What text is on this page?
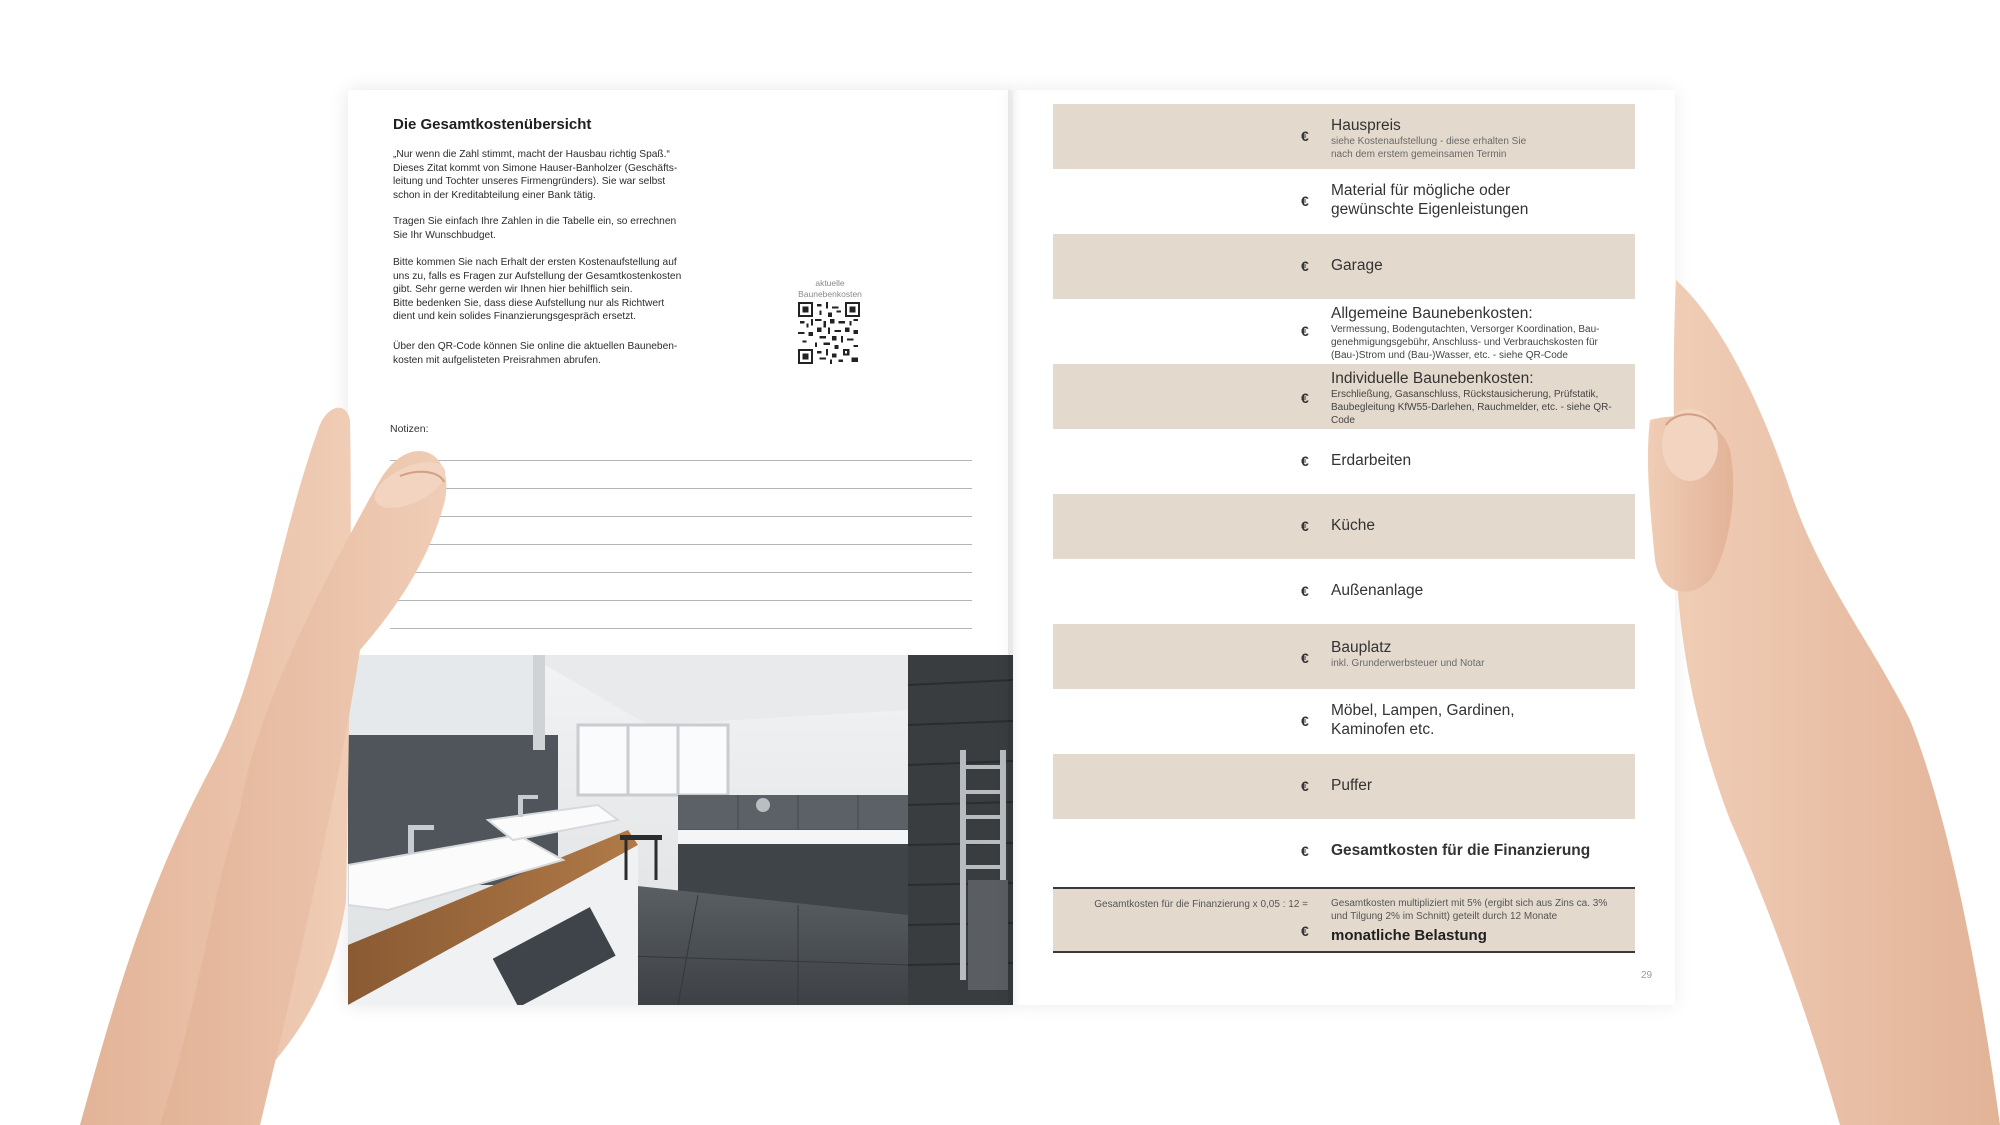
Die Gesamtkostenübersicht
„Nur wenn die Zahl stimmt, macht der Hausbau richtig Spaß.“
Dieses Zitat kommt von Simone Hauser-Banholzer (Geschäfts-
leitung und Tochter unseres Firmengründers). Sie war selbst
schon in der Kreditabteilung einer Bank tätig.
Tragen Sie einfach Ihre Zahlen in die Tabelle ein, so errechnen
Sie Ihr Wunschbudget.
Bitte kommen Sie nach Erhalt der ersten Kostenaufstellung auf
uns zu, falls es Fragen zur Aufstellung der Gesamtkostenkosten
gibt. Sehr gerne werden wir Ihnen hier behilflich sein.
Bitte bedenken Sie, dass diese Aufstellung nur als Richtwert
dient und kein solides Finanzierungsgespräch ersetzt.
Über den QR-Code können Sie online die aktuellen Bauneben-
kosten mit aufgelisteten Preisrahmen abrufen.
aktuelle
Baunebenkosten
Notizen:
€
Hauspreis
siehe Kostenaufstellung - diese erhalten Sie
nach dem erstem gemeinsamen Termin
€
Material für mögliche oder
gewünschte Eigenleistungen
€ Garage
€
Allgemeine Baunebenkosten:
Vermessung, Bodengutachten, Versorger Koordination, Bau-
genehmigungsgebühr, Anschluss- und Verbrauchskosten für
(Bau-)Strom und (Bau-)Wasser, etc. - siehe QR-Code
€
Individuelle Baunebenkosten:
Erschließung, Gasanschluss, Rückstausicherung, Prüfstatik,
Baubegleitung KfW55-Darlehen, Rauchmelder, etc. - siehe QR-
Code
€ Erdarbeiten
€ Küche
€ Außenanlage
€
Bauplatz
inkl. Grunderwerbsteuer und Notar
€
Möbel, Lampen, Gardinen,
Kaminofen etc.
€ Puffer
€ Gesamtkosten für die Finanzierung
Gesamtkosten für die Finanzierung x 0,05 : 12 =
€
Gesamtkosten multipliziert mit 5% (ergibt sich aus Zins ca. 3%
und Tilgung 2% im Schnitt) geteilt durch 12 Monate
monatliche Belastung
29
